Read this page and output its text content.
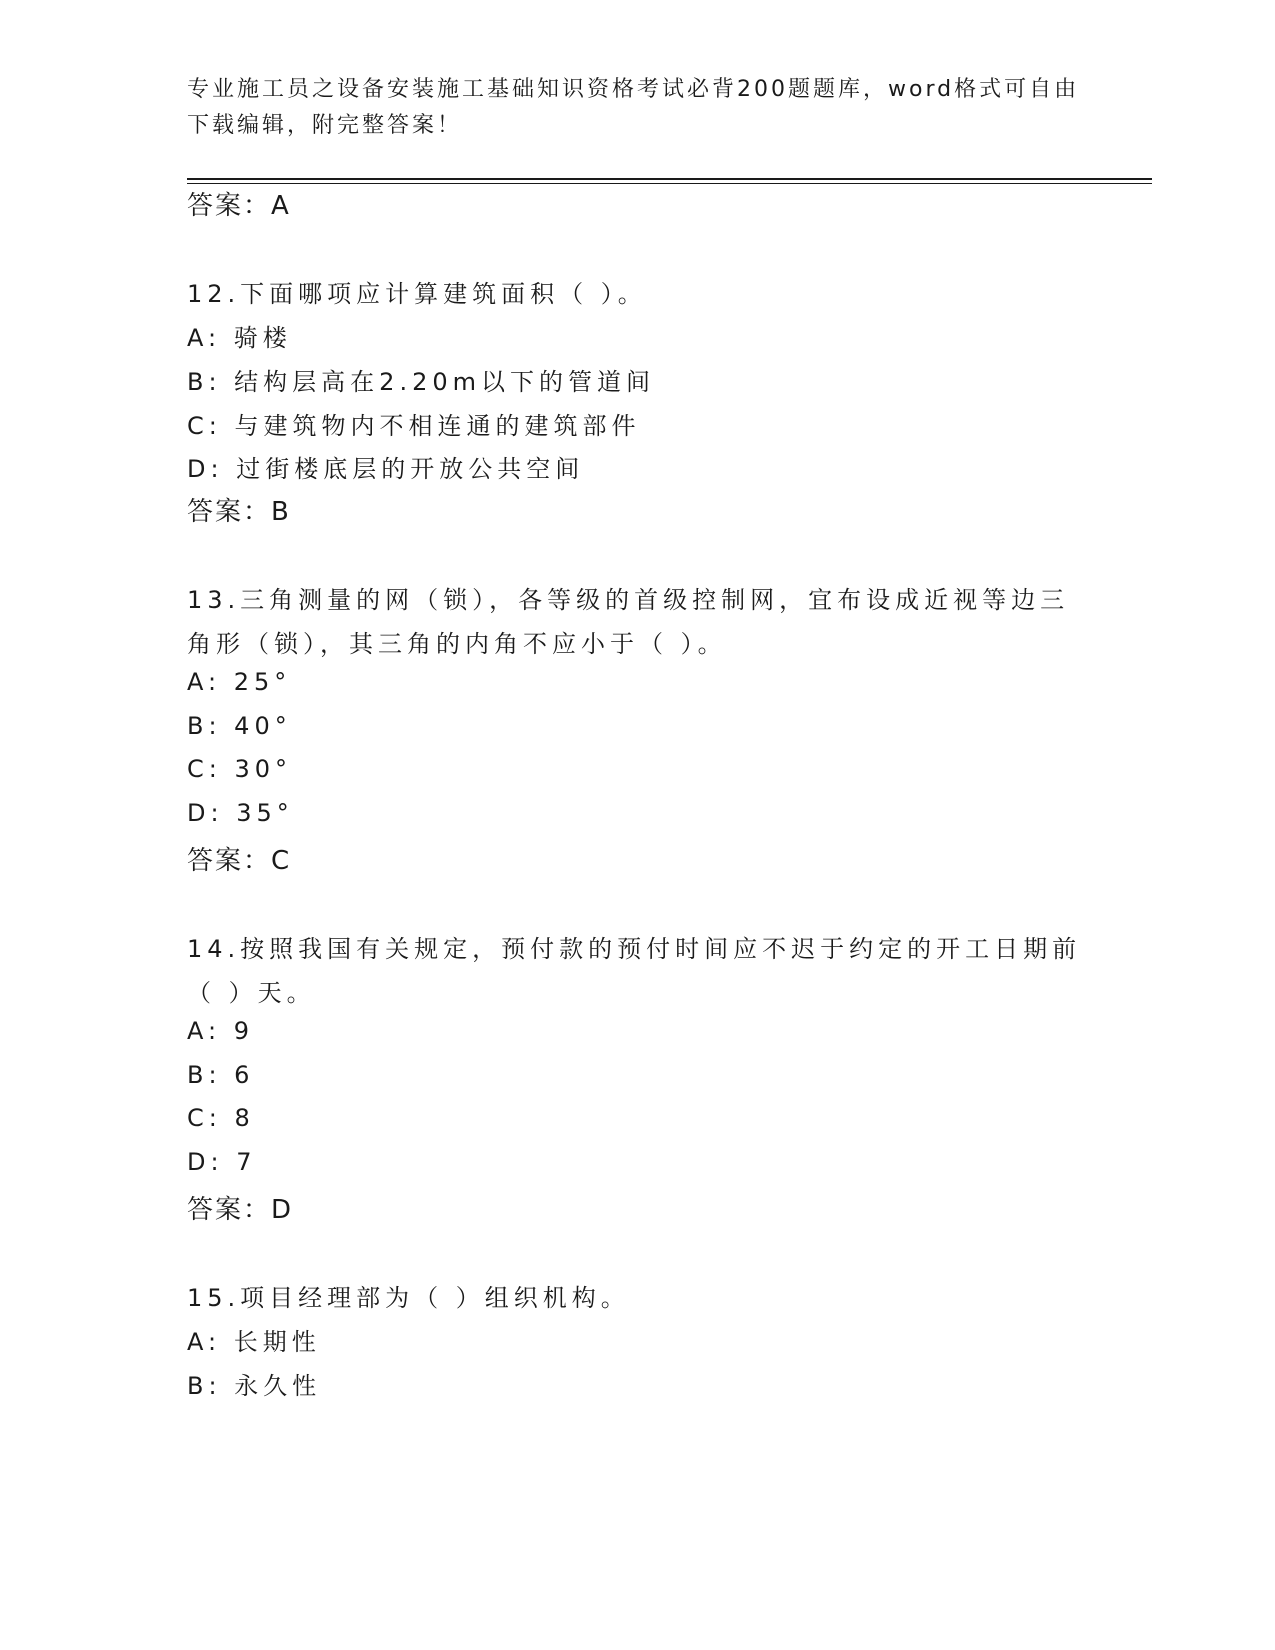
专业施工员之设备安装施工基础知识资格考试必背200题题库，word格式可自由
下载编辑，附完整答案！
答案：A
12.下面哪项应计算建筑面积（ ）。
A: 骑楼
B: 结构层高在2.20m以下的管道间
C: 与建筑物内不相连通的建筑部件
D: 过街楼底层的开放公共空间
答案：B
13.三角测量的网（锁），各等级的首级控制网，宜布设成近视等边三
角形（锁），其三角的内角不应小于（ ）。
A: 25°
B: 40°
C: 30°
D: 35°
答案：C
14.按照我国有关规定，预付款的预付时间应不迟于约定的开工日期前
（ ）天。
A: 9
B: 6
C: 8
D: 7
答案：D
15.项目经理部为（ ）组织机构。
A: 长期性
B: 永久性
